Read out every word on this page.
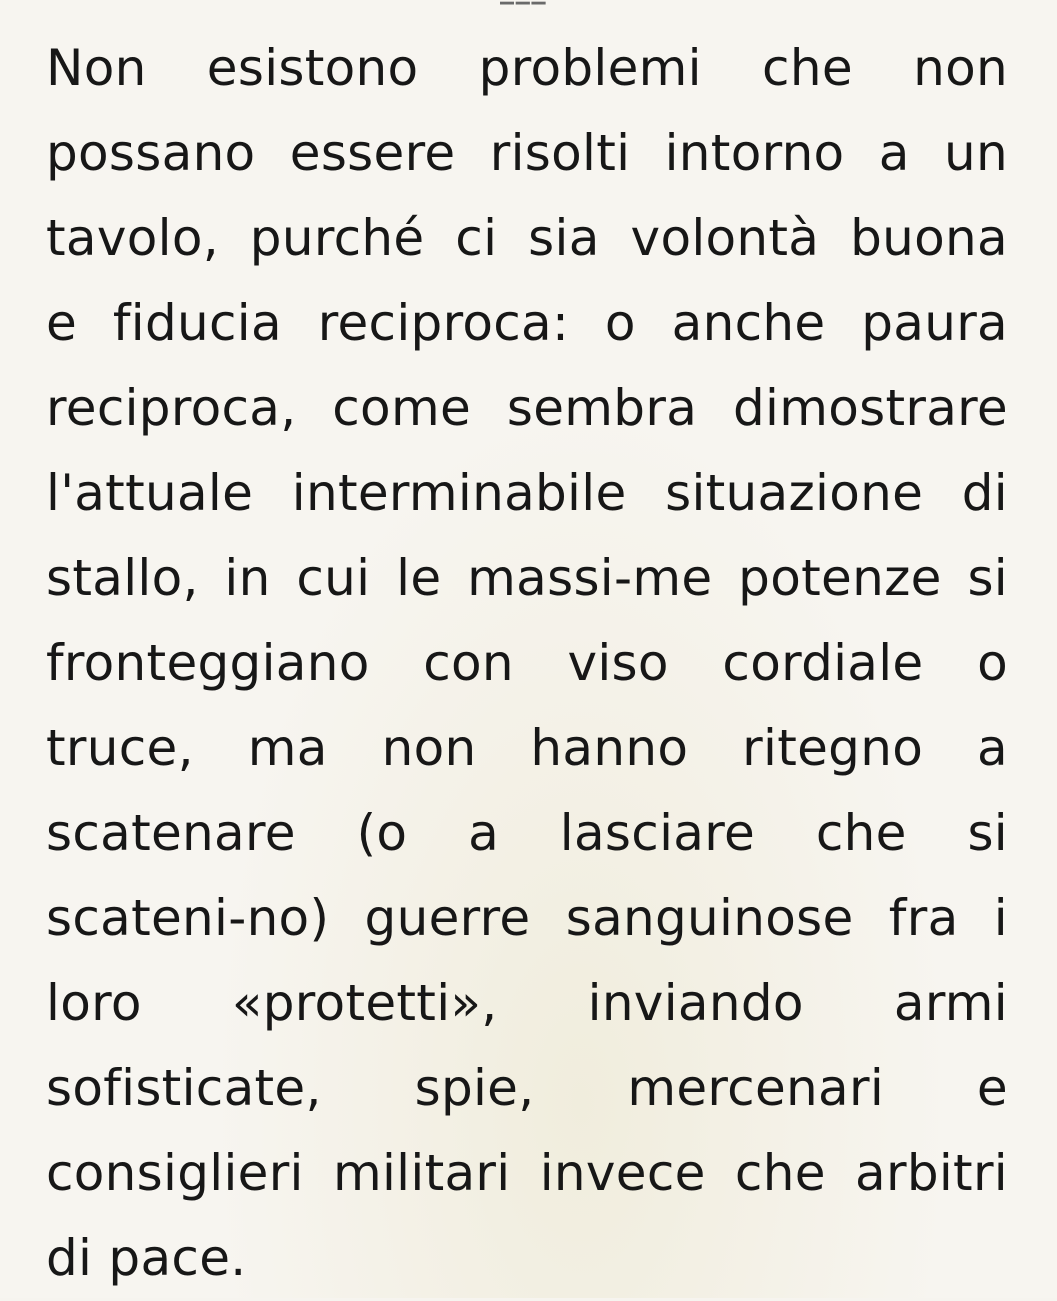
Non esistono problemi che non
possano essere risolti intorno a un
tavolo, purché ci sia volontà buona
e fiducia reciproca: o anche paura
reciproca, come sembra dimostrare
l'attuale interminabile situazione di
stallo, in cui le massi-me potenze si
fronteggiano con viso cordiale o
truce, ma non hanno ritegno a
scatenare (o a lasciare che si
scateni-no) guerre sanguinose fra i
loro «protetti», inviando armi
sofisticate, spie, mercenari e
consiglieri militari invece che arbitri
di pace.
